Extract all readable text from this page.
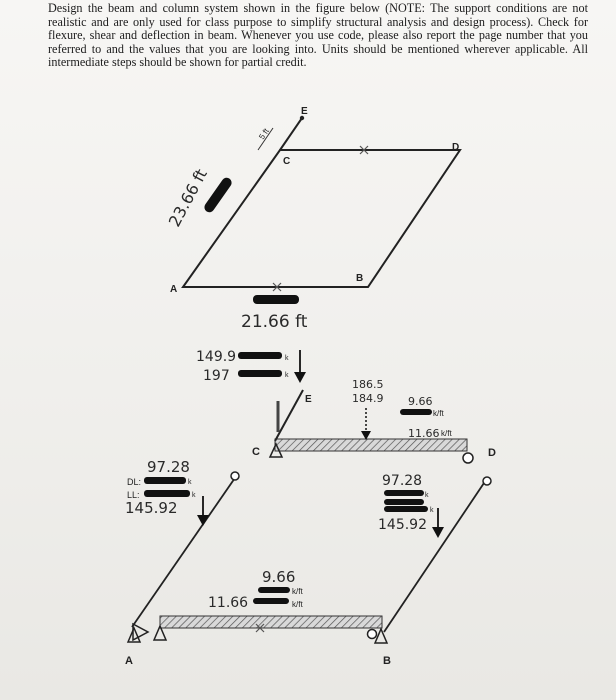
Design the beam and column system shown in the figure below (NOTE: The support conditions are not realistic and are only used for class purpose to simplify structural analysis and design process). Check for flexure, shear and deflection in beam. Whenever you use code, please also report the page number that you referred to and the values that you are looking into. Units should be mentioned wherever applicable. All intermediate steps should be shown for partial credit.

5 ft
23.66 ft
21.66 ft
A
B
C
D
E
A	B
C	D
E
149.9
197
k
k
97.28
DL:
LL:
k
k
145.92
186.5
184.9 9.66
k/ft
11.66 k/ft
97.28
k
k
145.92
9.66
k/ft
11.66	k/ft
